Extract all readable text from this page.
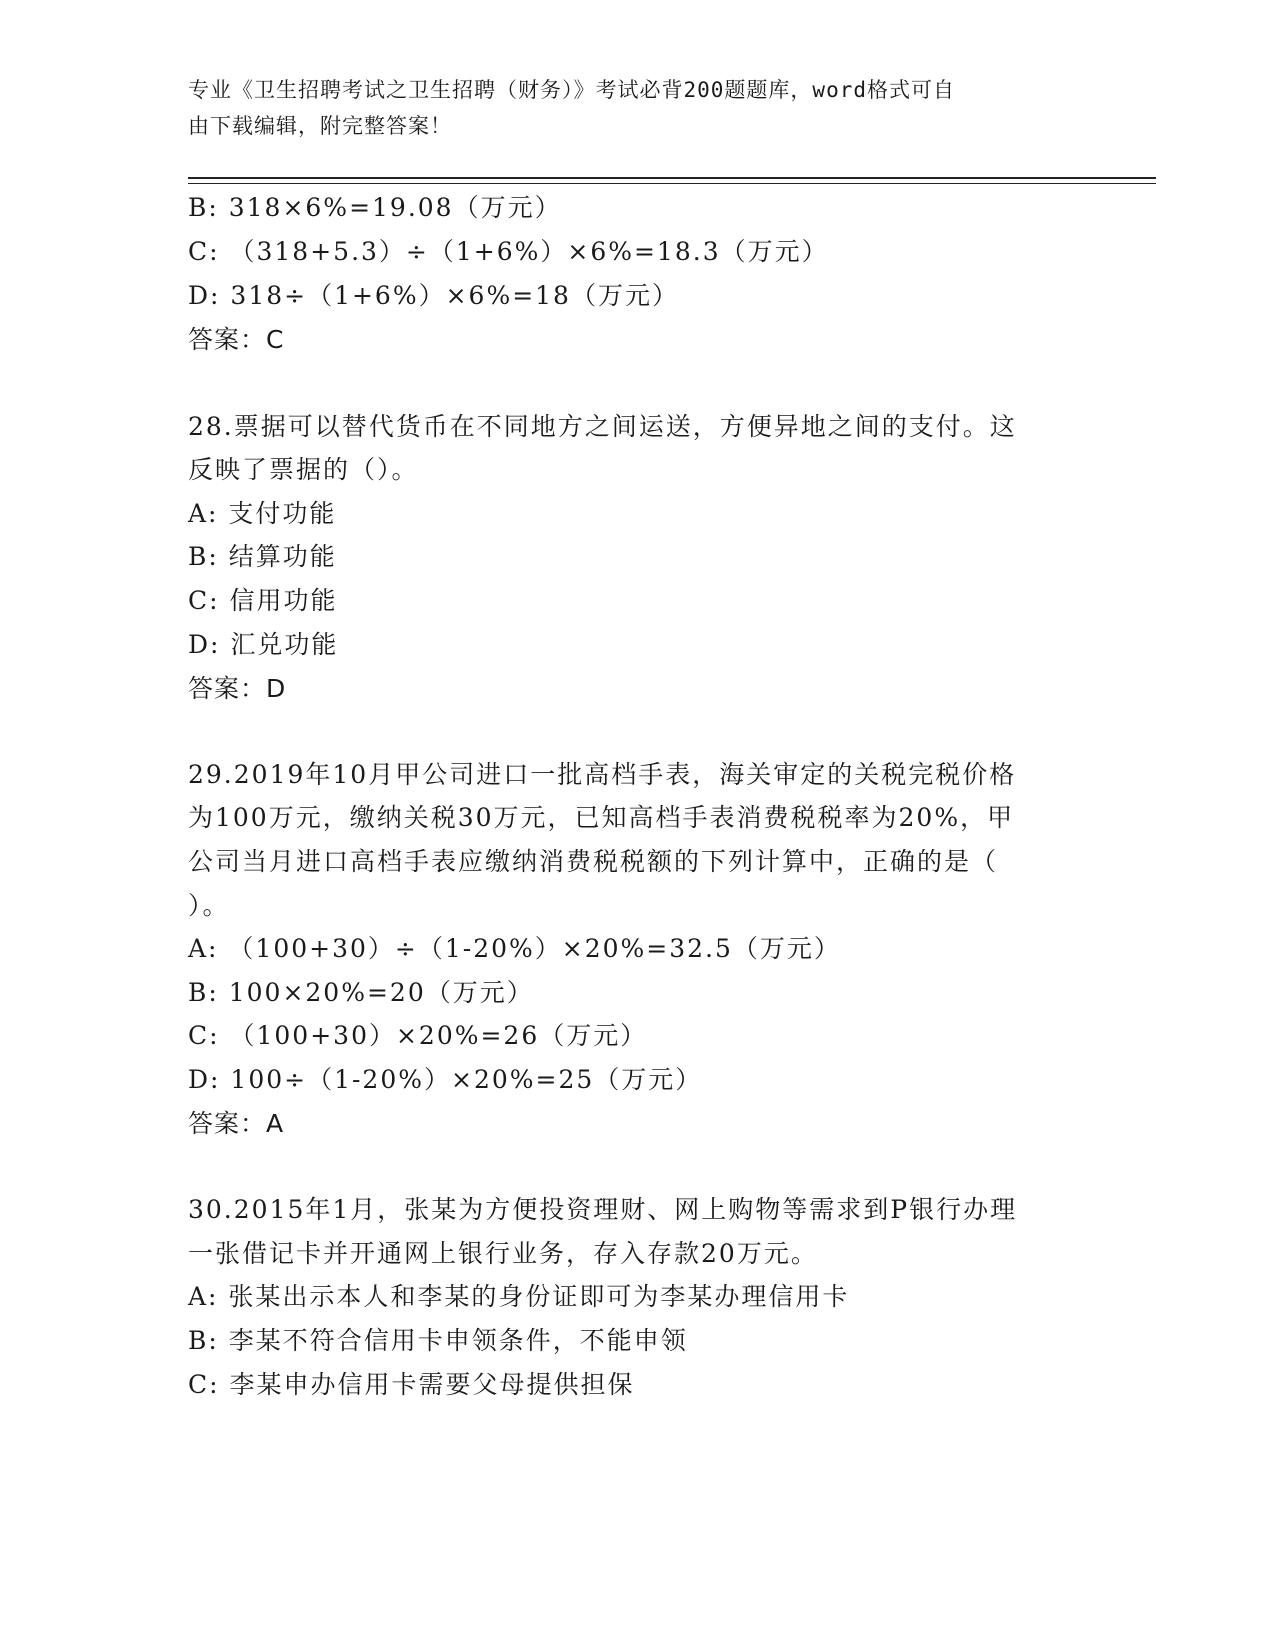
专业《卫生招聘考试之卫生招聘（财务）》考试必背200题题库，word格式可自
由下载编辑，附完整答案！
B: 318×6%=19.08（万元）
C: （318+5.3）÷（1+6%）×6%=18.3（万元）
D: 318÷（1+6%）×6%=18（万元）
答案：C
28.票据可以替代货币在不同地方之间运送，方便异地之间的支付。这
反映了票据的（）。
A: 支付功能
B: 结算功能
C: 信用功能
D: 汇兑功能
答案：D
29.2019年10月甲公司进口一批高档手表，海关审定的关税完税价格
为100万元，缴纳关税30万元，已知高档手表消费税税率为20%，甲
公司当月进口高档手表应缴纳消费税税额的下列计算中，正确的是（
）。
A: （100+30）÷（1-20%）×20%=32.5（万元）
B: 100×20%=20（万元）
C: （100+30）×20%=26（万元）
D: 100÷（1-20%）×20%=25（万元）
答案：A
30.2015年1月，张某为方便投资理财、网上购物等需求到P银行办理
一张借记卡并开通网上银行业务，存入存款20万元。
A: 张某出示本人和李某的身份证即可为李某办理信用卡
B: 李某不符合信用卡申领条件，不能申领
C: 李某申办信用卡需要父母提供担保
